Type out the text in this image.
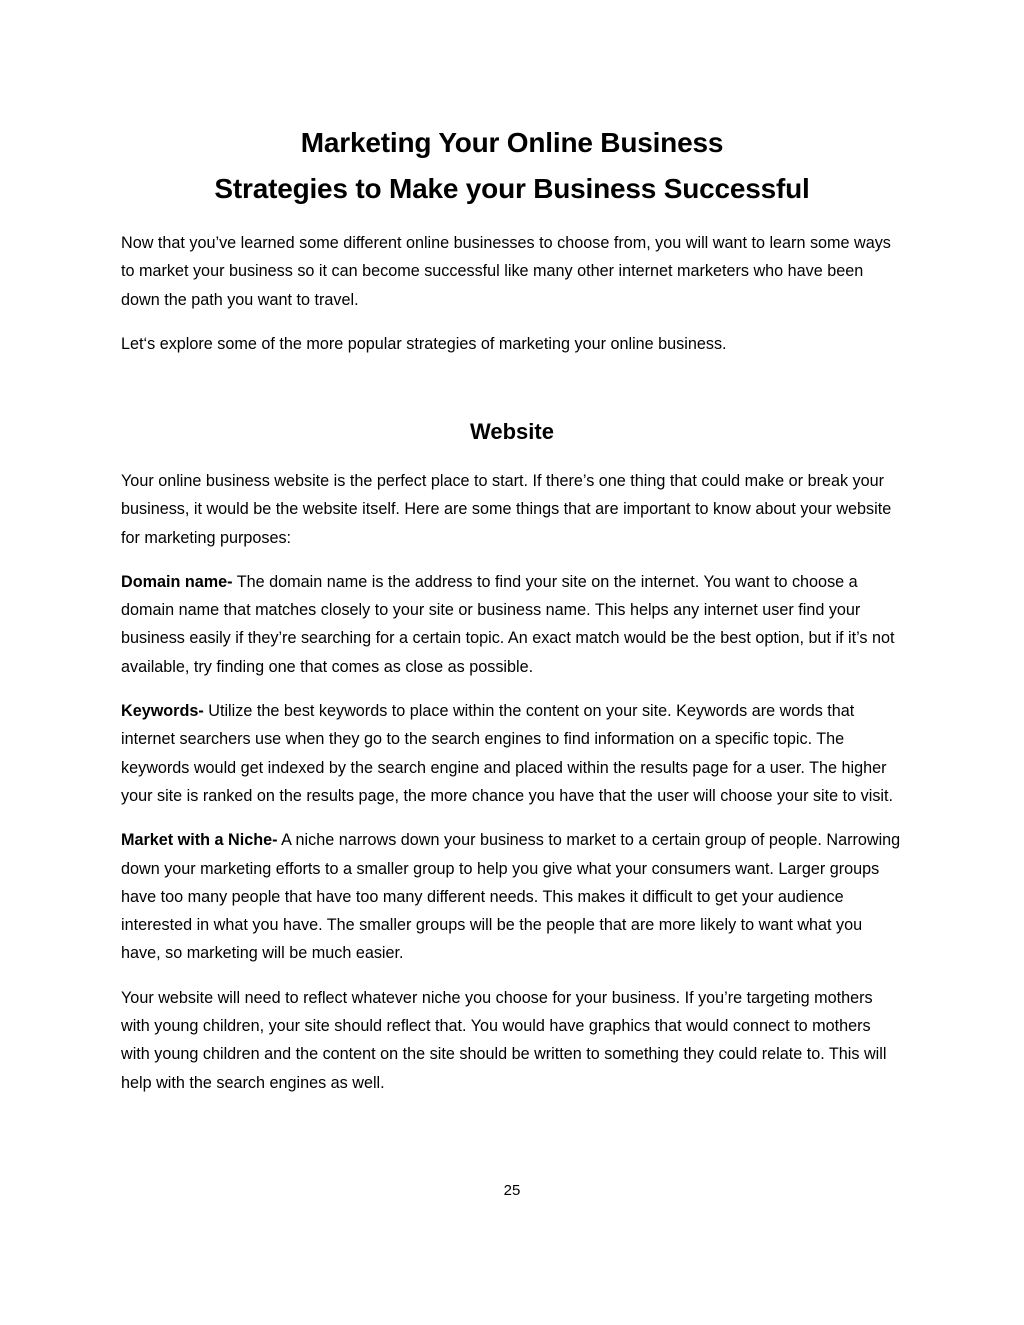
Marketing Your Online Business
Strategies to Make your Business Successful

Now that you’ve learned some different online businesses to choose from, you will want to learn some ways to market your business so it can become successful like many other internet marketers who have been down the path you want to travel.

Let‘s explore some of the more popular strategies of marketing your online business.

Website

Your online business website is the perfect place to start. If there’s one thing that could make or break your business, it would be the website itself. Here are some things that are important to know about your website for marketing purposes:

Domain name- The domain name is the address to find your site on the internet. You want to choose a domain name that matches closely to your site or business name. This helps any internet user find your business easily if they’re searching for a certain topic. An exact match would be the best option, but if it’s not available, try finding one that comes as close as possible.

Keywords- Utilize the best keywords to place within the content on your site. Keywords are words that internet searchers use when they go to the search engines to find information on a specific topic. The keywords would get indexed by the search engine and placed within the results page for a user. The higher your site is ranked on the results page, the more chance you have that the user will choose your site to visit.

Market with a Niche- A niche narrows down your business to market to a certain group of people. Narrowing down your marketing efforts to a smaller group to help you give what your consumers want. Larger groups have too many people that have too many different needs. This makes it difficult to get your audience interested in what you have. The smaller groups will be the people that are more likely to want what you have, so marketing will be much easier.

Your website will need to reflect whatever niche you choose for your business. If you’re targeting mothers with young children, your site should reflect that. You would have graphics that would connect to mothers with young children and the content on the site should be written to something they could relate to. This will help with the search engines as well.

25
